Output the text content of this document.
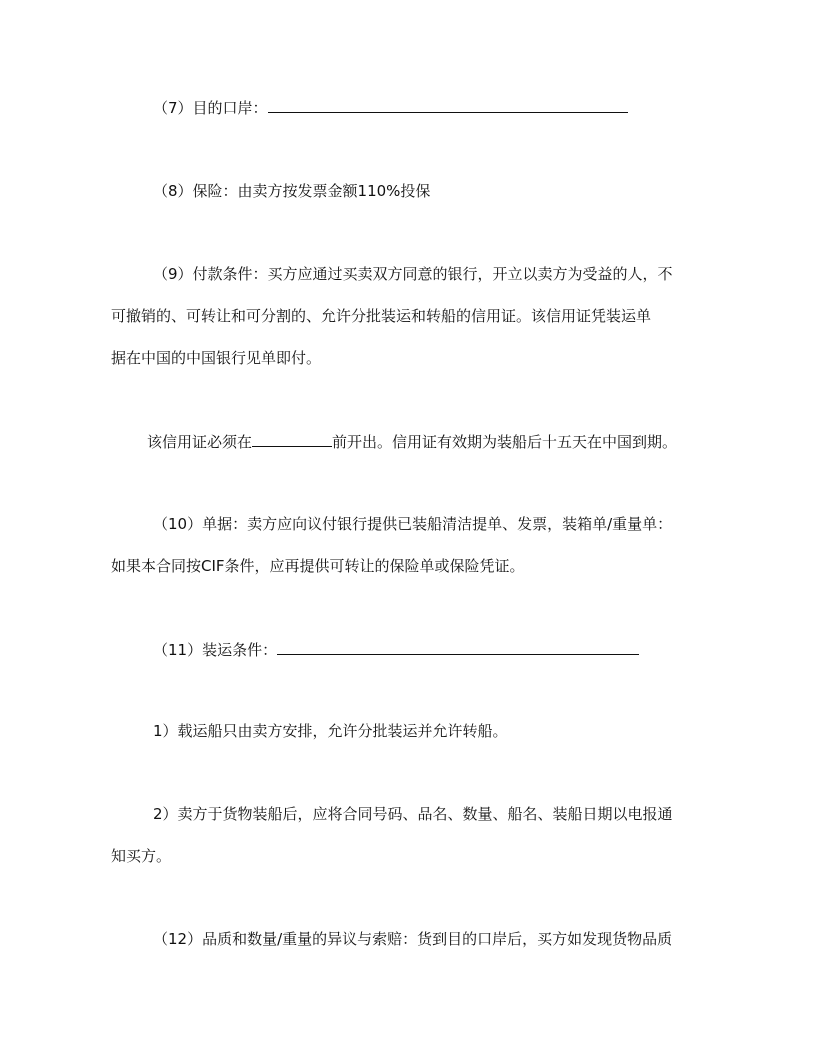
（7）目的口岸：
（8）保险：由卖方按发票金额110%投保
（9）付款条件：买方应通过买卖双方同意的银行，开立以卖方为受益的人，不
可撤销的、可转让和可分割的、允许分批装运和转船的信用证。该信用证凭装运单
据在中国的中国银行见单即付。
该信用证必须在	前开出。信用证有效期为装船后十五天在中国到期。
（10）单据：卖方应向议付银行提供已装船清洁提单、发票，装箱单/重量单：
如果本合同按CIF条件，应再提供可转让的保险单或保险凭证。
（11）装运条件：
1）载运船只由卖方安排，允许分批装运并允许转船。
2）卖方于货物装船后，应将合同号码、品名、数量、船名、装船日期以电报通
知买方。
（12）品质和数量/重量的异议与索赔：货到目的口岸后，买方如发现货物品质
